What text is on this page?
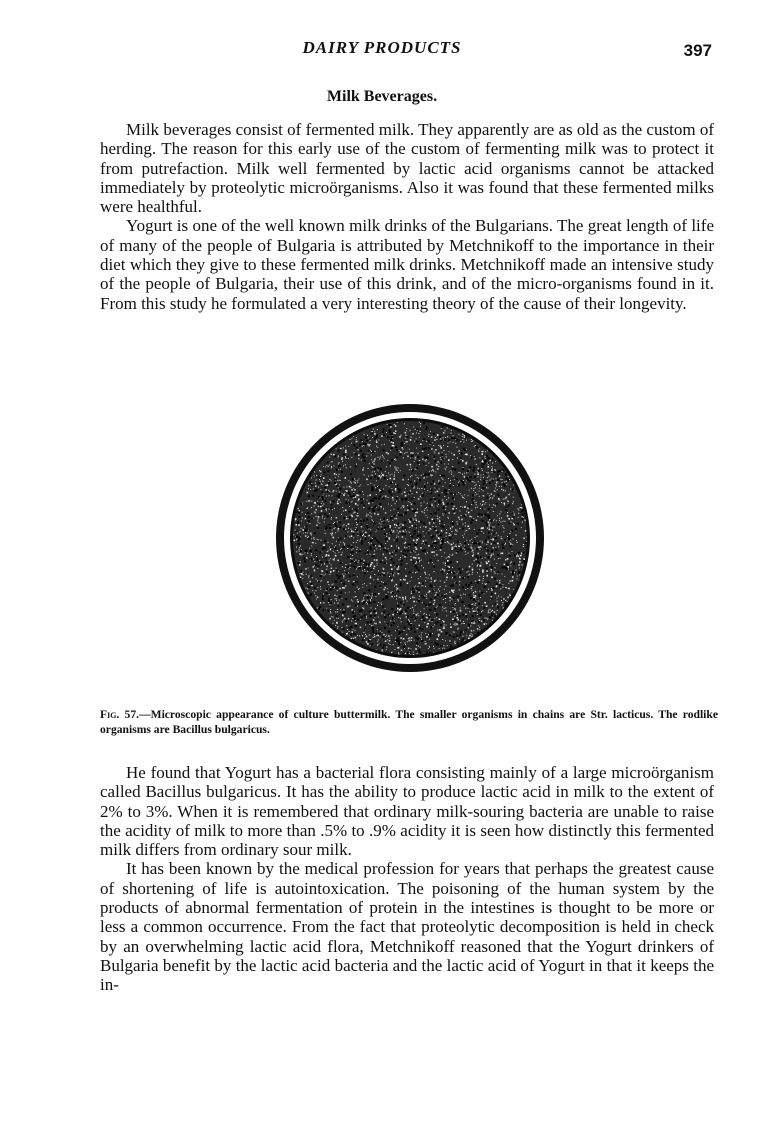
DAIRY PRODUCTS	397
Milk Beverages.

Milk beverages consist of fermented milk. They apparently are as old as the custom of herding. The reason for this early use of the custom of fermenting milk was to protect it from putrefaction. Milk well fermented by lactic acid organisms cannot be attacked immediately by proteolytic microörganisms. Also it was found that these fermented milks were healthful.

Yogurt is one of the well known milk drinks of the Bulgarians. The great length of life of many of the people of Bulgaria is attributed by Metchnikoff to the importance in their diet which they give to these fermented milk drinks. Metchnikoff made an intensive study of the people of Bulgaria, their use of this drink, and of the micro-organisms found in it. From this study he formulated a very interesting theory of the cause of their longevity.

Fig. 57.—Microscopic appearance of culture buttermilk. The smaller organisms in chains are Str. lacticus. The rodlike organisms are Bacillus bulgaricus.

He found that Yogurt has a bacterial flora consisting mainly of a large microörganism called Bacillus bulgaricus. It has the ability to produce lactic acid in milk to the extent of 2% to 3%. When it is remembered that ordinary milk-souring bacteria are unable to raise the acidity of milk to more than .5% to .9% acidity it is seen how distinctly this fermented milk differs from ordinary sour milk.

It has been known by the medical profession for years that perhaps the greatest cause of shortening of life is autointoxication. The poisoning of the human system by the products of abnormal fermentation of protein in the intestines is thought to be more or less a common occurrence. From the fact that proteolytic decomposition is held in check by an overwhelming lactic acid flora, Metchnikoff reasoned that the Yogurt drinkers of Bulgaria benefit by the lactic acid bacteria and the lactic acid of Yogurt in that it keeps the in-
